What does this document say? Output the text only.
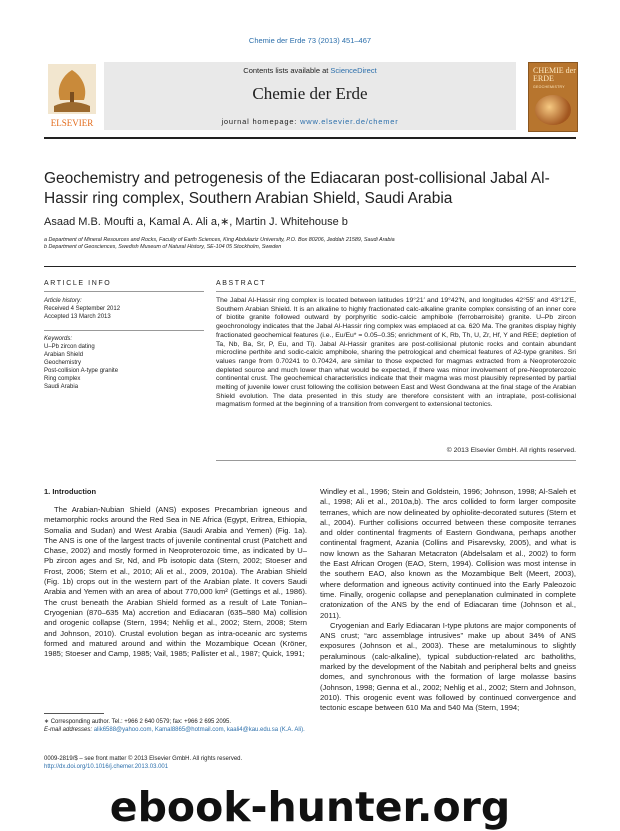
Chemie der Erde 73 (2013) 451–467
Contents lists available at ScienceDirect
Chemie der Erde
journal homepage: www.elsevier.de/chemer
ELSEVIER
CHEMIE der ERDE
GEOCHEMISTRY
Geochemistry and petrogenesis of the Ediacaran post-collisional Jabal Al-Hassir ring complex, Southern Arabian Shield, Saudi Arabia
Asaad M.B. Moufti a, Kamal A. Ali a,∗, Martin J. Whitehouse b
a Department of Mineral Resources and Rocks, Faculty of Earth Sciences, King Abdulaziz University, P.O. Box 80206, Jeddah 21589, Saudi Arabia
b Department of Geosciences, Swedish Museum of Natural History, SE-104 05 Stockholm, Sweden
ARTICLE INFO	ABSTRACT
Article history:
Received 4 September 2012
Accepted 13 March 2013
Keywords:
U–Pb zircon dating
Arabian Shield
Geochemistry
Post-collision A-type granite
Ring complex
Saudi Arabia
The Jabal Al-Hassir ring complex is located between latitudes 19°21′ and 19°42′N, and longitudes 42°55′ and 43°12′E, Southern Arabian Shield. It is an alkaline to highly fractionated calc-alkaline granite complex consisting of an inner core of biotite granite followed outward by porphyritic sodic-calcic amphibole (ferrobarroisite) granite. U–Pb zircon geochronology indicates that the Jabal Al-Hassir ring complex was emplaced at ca. 620 Ma. The granites display highly fractionated geochemical features (i.e., Eu/Eu* = 0.05–0.35; enrichment of K, Rb, Th, U, Zr, Hf, Y and REE; depletion of Ta, Nb, Ba, Sr, P, Eu, and Ti). Jabal Al-Hassir granites are post-collisional plutonic rocks and contain abundant microcline perthite and sodic-calcic amphibole, sharing the petrological and chemical features of A2-type granites. Sri values range from 0.70241 to 0.70424, are similar to those expected for magmas extracted from a Neoproterozoic depleted source and much lower than what would be expected, if there was minor involvement of pre-Neoproterozoic continental crust. The geochemical characteristics indicate that their magma was most plausibly represented by partial melting of juvenile lower crust following the collision between East and West Gondwana at the final stage of the Arabian Shield evolution. The data presented in this study are therefore consistent with an intraplate, post-collisional magmatism formed at the beginning of a transition from convergent to extensional tectonics.
© 2013 Elsevier GmbH. All rights reserved.
1. Introduction

The Arabian-Nubian Shield (ANS) exposes Precambrian igneous and metamorphic rocks around the Red Sea in NE Africa (Egypt, Eritrea, Ethiopia, Somalia and Sudan) and West Arabia (Saudi Arabia and Yemen) (Fig. 1a). The ANS is one of the largest tracts of juvenile continental crust (Patchett and Chase, 2002) and mostly formed in Neoproterozoic time, as indicated by U–Pb zircon ages and Sr, Nd, and Pb isotopic data (Stern, 2002; Stoeser and Frost, 2006; Stern et al., 2010; Ali et al., 2009, 2010a). The Arabian Shield (Fig. 1b) crops out in the western part of the Arabian plate. It covers Saudi Arabia and Yemen with an area of about 770,000 km² (Gettings et al., 1986). The crust beneath the Arabian Shield formed as a result of Late Tonian–Cryogenian (870–635 Ma) accretion and Ediacaran (635–580 Ma) collision and orogenic collapse (Stern, 1994; Nehlig et al., 2002; Stern, 2008; Stern and Johnson, 2010). Crustal evolution began as intra-oceanic arc systems formed and matured around and within the Mozambique Ocean (Kröner, 1985; Stoeser and Camp, 1985; Vail, 1985; Pallister et al., 1987; Quick, 1991;

Windley et al., 1996; Stein and Goldstein, 1996; Johnson, 1998; Al-Saleh et al., 1998; Ali et al., 2010a,b). The arcs collided to form larger composite terranes, which are now delineated by ophiolite-decorated sutures (Stern et al., 2004). Further collisions occurred between these composite terranes and older continental fragments of Eastern Gondwana, perhaps another continental fragment, Azania (Collins and Pisarevsky, 2005), and what is now known as the Saharan Metacraton (Abdelsalam et al., 2002) to form the East African Orogen (EAO, Stern, 1994). Collision was most intense in the southern EAO, also known as the Mozambique Belt (Meert, 2003), where deformation and igneous activity continued into the Early Paleozoic time. Finally, orogenic collapse and peneplanation culminated in complete cratonization of the ANS by the end of Ediacaran time (Johnson et al., 2011).

Cryogenian and Early Ediacaran I-type plutons are major components of ANS crust; “arc assemblage intrusives” make up about 34% of ANS exposures (Johnson et al., 2003). These are metaluminous to slightly peraluminous (calc-alkaline), typical subduction-related arc batholiths, marked by the development of the Nabitah and peripheral belts and gneiss domes, and synchronous with the formation of large molasse basins (Johnson, 1998; Genna et al., 2002; Nehlig et al., 2002; Stern and Johnson, 2010). This orogenic event was followed by continued convergence and tectonic escape between 610 Ma and 540 Ma (Stern, 1994;

∗ Corresponding author. Tel.: +966 2 640 0579; fax: +966 2 695 2095.
E-mail addresses: alik6588@yahoo.com, Kamal8865@hotmail.com, kaali4@kau.edu.sa (K.A. Ali).
0009-2819/$ – see front matter © 2013 Elsevier GmbH. All rights reserved.
http://dx.doi.org/10.1016/j.chemer.2013.03.001
ebook-hunter.org
